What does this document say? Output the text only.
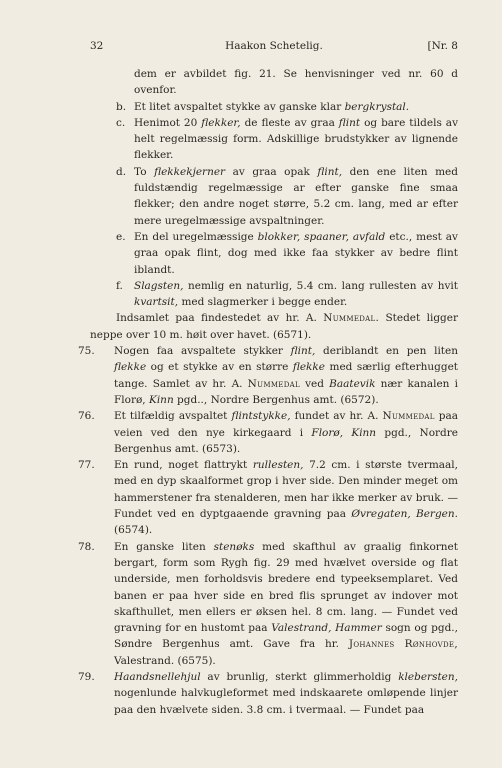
32	Haakon Schetelig.	[Nr. 8
dem er avbildet fig. 21. Se henvisninger ved nr. 60 d ovenfor.
b. Et litet avspaltet stykke av ganske klar bergkrystal.
c. Henimot 20 flekker, de fleste av graa flint og bare tildels av helt regelmæssig form. Adskillige brudstykker av lignende flekker.
d. To flekkekjerner av graa opak flint, den ene liten med fuldstændig regelmæssige ar efter ganske fine smaa flekker; den andre noget større, 5.2 cm. lang, med ar efter mere uregelmæssige avspaltninger.
e. En del uregelmæssige blokker, spaaner, avfald etc., mest av graa opak flint, dog med ikke faa stykker av bedre flint iblandt.
f. Slagsten, nemlig en naturlig, 5.4 cm. lang rullesten av hvit kvartsit, med slagmerker i begge ender.
Indsamlet paa findestedet av hr. A. Nummedal. Stedet ligger neppe over 10 m. høit over havet. (6571).
75. Nogen faa avspaltete stykker flint, deriblandt en pen liten flekke og et stykke av en større flekke med særlig efterhugget tange. Samlet av hr. A. Nummedal ved Baatevik nær kanalen i Florø, Kinn pgd.., Nordre Bergenhus amt. (6572).
76. Et tilfældig avspaltet flintstykke, fundet av hr. A. Nummedal paa veien ved den nye kirkegaard i Florø, Kinn pgd., Nordre Bergenhus amt. (6573).
77. En rund, noget flattrykt rullesten, 7.2 cm. i største tvermaal, med en dyp skaalformet grop i hver side. Den minder meget om hammerstener fra stenalderen, men har ikke merker av bruk. — Fundet ved en dyptgaaende gravning paa Øvregaten, Bergen. (6574).
78. En ganske liten stenøks med skafthul av graalig finkornet bergart, form som Rygh fig. 29 med hvælvet overside og flat underside, men forholdsvis bredere end typeeksemplaret. Ved banen er paa hver side en bred flis sprunget av indover mot skafthullet, men ellers er øksen hel. 8 cm. lang. — Fundet ved gravning for en hustomt paa Valestrand, Hammer sogn og pgd., Søndre Bergenhus amt. Gave fra hr. Johannes Rønhovde, Valestrand. (6575).
79. Haandsnellehjul av brunlig, sterkt glimmerholdig klebersten, nogenlunde halvkugleformet med indskaarete omløpende linjer paa den hvælvete siden. 3.8 cm. i tvermaal. — Fundet paa
